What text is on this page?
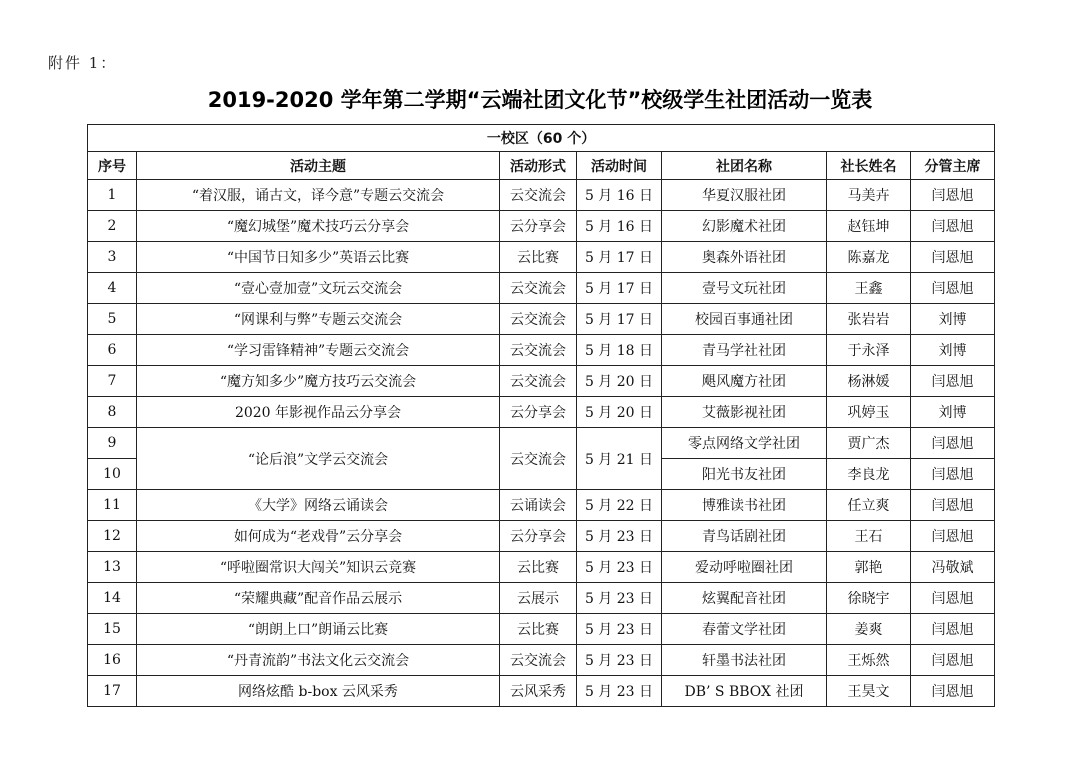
附件 1：
2019-2020 学年第二学期“云端社团文化节”校级学生社团活动一览表
一校区（60 个）						
序号	活动主题	活动形式	活动时间	社团名称	社长姓名	分管主席
1	“着汉服，诵古文，译今意”专题云交流会	云交流会	5 月 16 日	华夏汉服社团	马美卉	闫恩旭
2	“魔幻城堡”魔术技巧云分享会	云分享会	5 月 16 日	幻影魔术社团	赵钰坤	闫恩旭
3	“中国节日知多少”英语云比赛	云比赛	5 月 17 日	奥森外语社团	陈嘉龙	闫恩旭
4	“壹心壹加壹”文玩云交流会	云交流会	5 月 17 日	壹号文玩社团	王鑫	闫恩旭
5	“网课利与弊”专题云交流会	云交流会	5 月 17 日	校园百事通社团	张岩岩	刘博
6	“学习雷锋精神”专题云交流会	云交流会	5 月 18 日	青马学社社团	于永泽	刘博
7	“魔方知多少”魔方技巧云交流会	云交流会	5 月 20 日	飓风魔方社团	杨淋媛	闫恩旭
8	2020 年影视作品云分享会	云分享会	5 月 20 日	艾薇影视社团	巩婷玉	刘博
9	“论后浪”文学云交流会	云交流会	5 月 21 日	零点网络文学社团	贾广杰	闫恩旭
10				阳光书友社团	李良龙	闫恩旭
11	《大学》网络云诵读会	云诵读会	5 月 22 日	博雅读书社团	任立爽	闫恩旭
12	如何成为“老戏骨”云分享会	云分享会	5 月 23 日	青鸟话剧社团	王石	闫恩旭
13	“呼啦圈常识大闯关”知识云竞赛	云比赛	5 月 23 日	爱动呼啦圈社团	郭艳	冯敬斌
14	“荣耀典藏”配音作品云展示	云展示	5 月 23 日	炫翼配音社团	徐晓宇	闫恩旭
15	“朗朗上口”朗诵云比赛	云比赛	5 月 23 日	春蕾文学社团	姜爽	闫恩旭
16	“丹青流韵”书法文化云交流会	云交流会	5 月 23 日	轩墨书法社团	王烁然	闫恩旭
17	网络炫酷 b-box 云风采秀	云风采秀	5 月 23 日	DB’ S BBOX 社团	王昊文	闫恩旭
